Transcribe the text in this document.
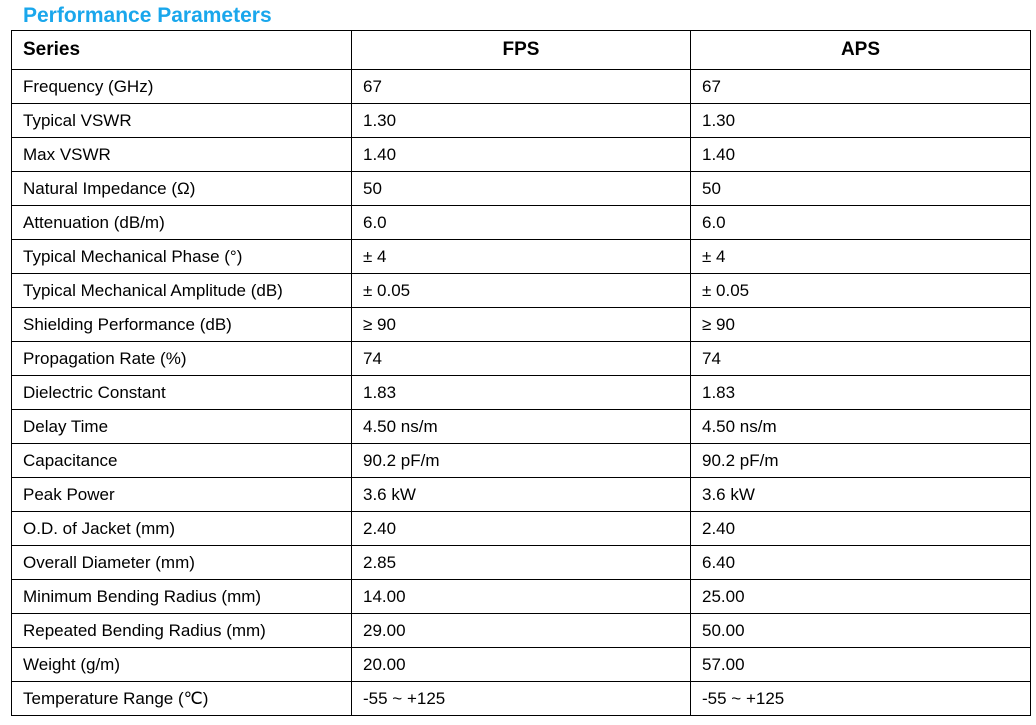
Performance Parameters
Series	FPS	APS
Frequency (GHz)	67	67
Typical VSWR	1.30	1.30
Max VSWR	1.40	1.40
Natural Impedance (Ω)	50	50
Attenuation (dB/m)	6.0	6.0
Typical Mechanical Phase (°)	± 4	± 4
Typical Mechanical Amplitude (dB)	± 0.05	± 0.05
Shielding Performance (dB)	≥ 90	≥ 90
Propagation Rate (%)	74	74
Dielectric Constant	1.83	1.83
Delay Time	4.50 ns/m	4.50 ns/m
Capacitance	90.2 pF/m	90.2 pF/m
Peak Power	3.6 kW	3.6 kW
O.D. of Jacket (mm)	2.40	2.40
Overall Diameter (mm)	2.85	6.40
Minimum Bending Radius (mm)	14.00	25.00
Repeated Bending Radius (mm)	29.00	50.00
Weight (g/m)	20.00	57.00
Temperature Range (℃)	-55 ~ +125	-55 ~ +125
